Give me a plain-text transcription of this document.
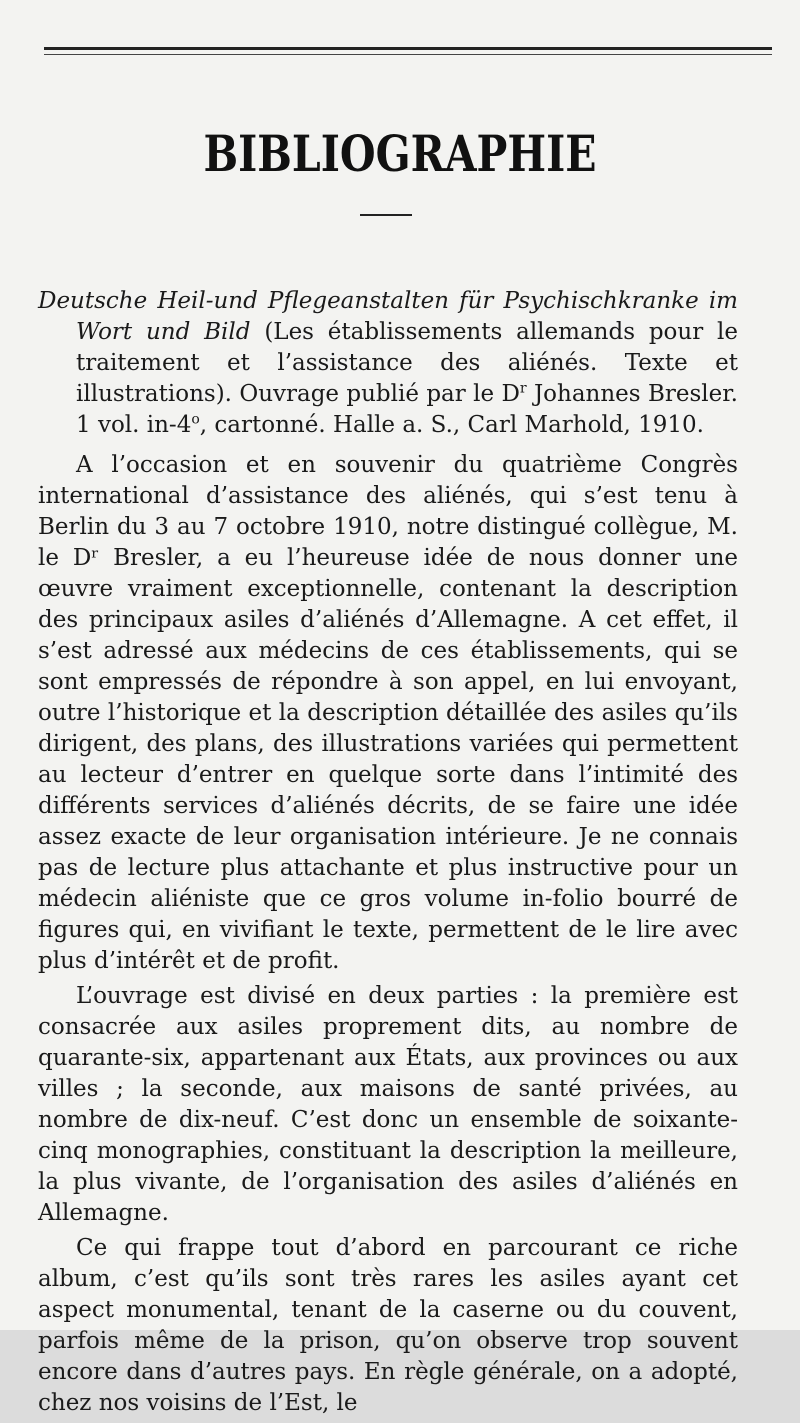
BIBLIOGRAPHIE
Deutsche Heil-und Pflegeanstalten für Psychischkranke im Wort und Bild (Les établissements allemands pour le traitement et l’assistance des aliénés. Texte et illustrations). Ouvrage publié par le $D^r$ Johannes Bresler. 1 vol. in-4$^o$, cartonné. Halle a. S., Carl Marhold, 1910.

A l’occasion et en souvenir du quatrième Congrès international d’assistance des aliénés, qui s’est tenu à Berlin du 3 au 7 octobre 1910, notre distingué collègue, M. le Dʳ Bresler, a eu l’heureuse idée de nous donner une œuvre vraiment exceptionnelle, contenant la description des principaux asiles d’aliénés d’Allemagne. A cet effet, il s’est adressé aux médecins de ces établissements, qui se sont empressés de répondre à son appel, en lui envoyant, outre l’historique et la description détaillée des asiles qu’ils dirigent, des plans, des illustrations variées qui permettent au lecteur d’entrer en quelque sorte dans l’intimité des différents services d’aliénés décrits, de se faire une idée assez exacte de leur organisation intérieure. Je ne connais pas de lecture plus attachante et plus instructive pour un médecin aliéniste que ce gros volume in-folio bourré de figures qui, en vivifiant le texte, permettent de le lire avec plus d’intérêt et de profit.

L’ouvrage est divisé en deux parties : la première est consacrée aux asiles proprement dits, au nombre de quarante-six, appartenant aux États, aux provinces ou aux villes ; la seconde, aux maisons de santé privées, au nombre de dix-neuf. C’est donc un ensemble de soixante-cinq monographies, constituant la description la meilleure, la plus vivante, de l’organisation des asiles d’aliénés en Allemagne.

Ce qui frappe tout d’abord en parcourant ce riche album, c’est qu’ils sont très rares les asiles ayant cet aspect monumental, tenant de la caserne ou du couvent, parfois même de la prison, qu’on observe trop souvent encore dans d’autres pays. En règle générale, on a adopté, chez nos voisins de l’Est, le
